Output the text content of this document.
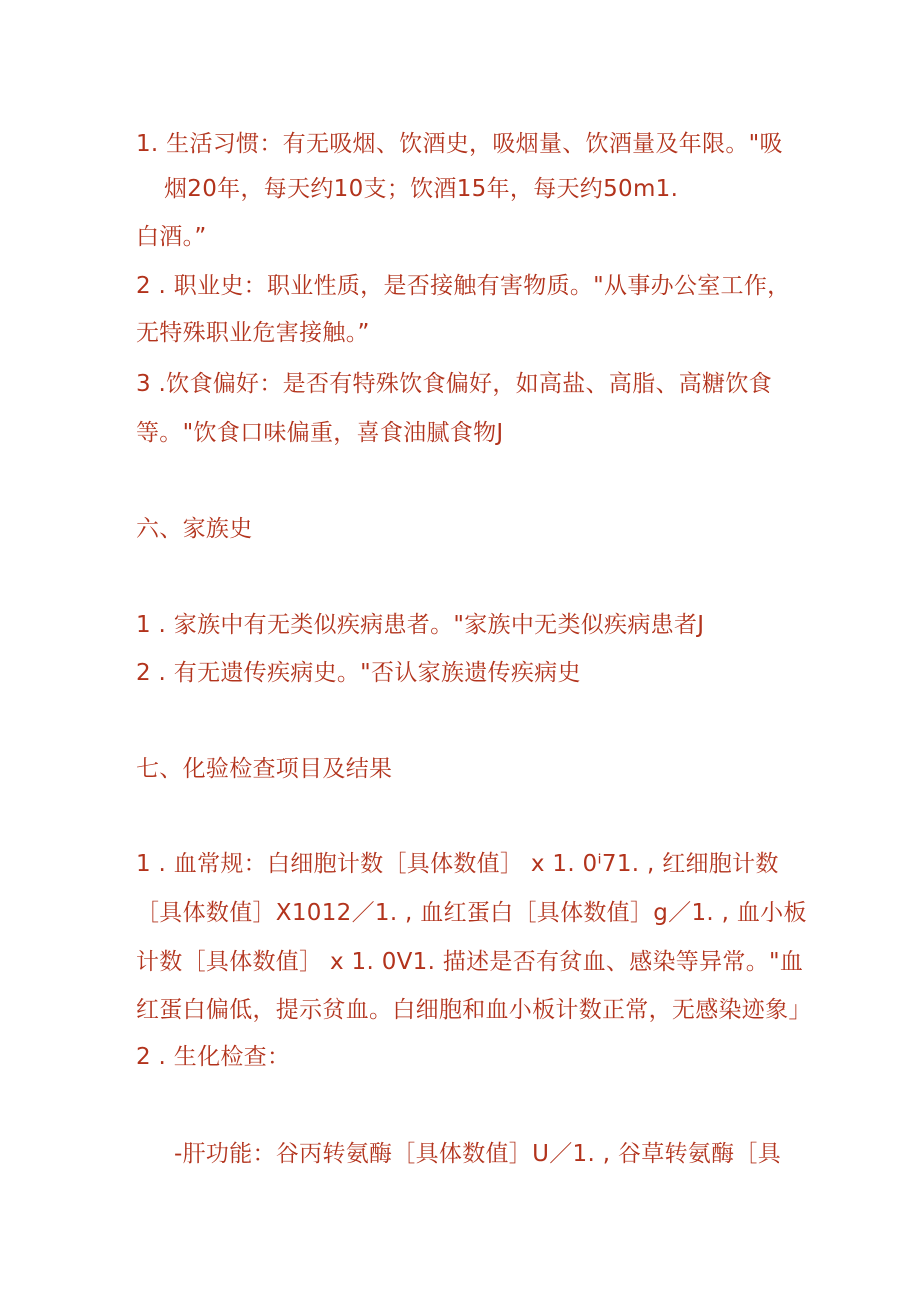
1. 生活习惯：有无吸烟、饮酒史，吸烟量、饮酒量及年限。"吸
烟20年，每天约10支；饮酒15年，每天约50m1.
白酒。”
2 . 职业史：职业性质，是否接触有害物质。"从事办公室工作，
无特殊职业危害接触。”
3 .饮食偏好：是否有特殊饮食偏好，如高盐、高脂、高糖饮食
等。"饮食口味偏重，喜食油腻食物J
六、家族史
1 . 家族中有无类似疾病患者。"家族中无类似疾病患者J
2 . 有无遗传疾病史。"否认家族遗传疾病史
七、化验检查项目及结果
1 . 血常规：白细胞计数［具体数值］ x 1. 0ⁱ71. , 红细胞计数
［具体数值］X1012／1. , 血红蛋白［具体数值］g／1. , 血小板
计数［具体数值］ x 1. 0V1. 描述是否有贫血、感染等异常。"血
红蛋白偏低，提示贫血。白细胞和血小板计数正常，无感染迹象」
2 . 生化检查：
-肝功能：谷丙转氨酶［具体数值］U／1. , 谷草转氨酶［具
